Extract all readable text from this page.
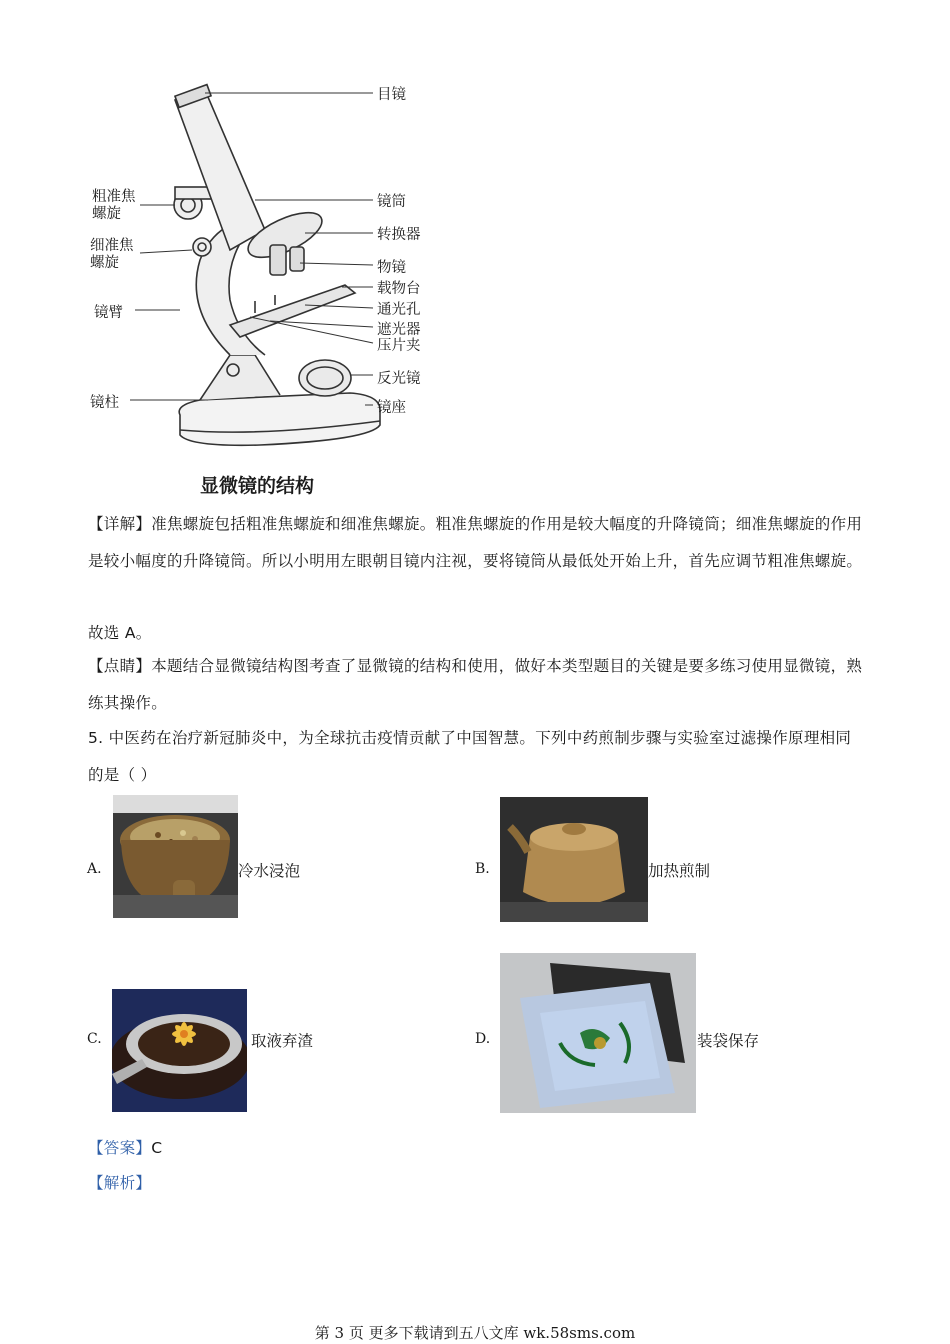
目镜
镜筒
转换器
物镜
载物台
通光孔
遮光器
压片夹
反光镜
镜座
粗准焦
螺旋
细准焦
螺旋
镜臂
镜柱
显微镜的结构

【详解】准焦螺旋包括粗准焦螺旋和细准焦螺旋。粗准焦螺旋的作用是较大幅度的升降镜筒；细准焦螺旋的作用是较小幅度的升降镜筒。所以小明用左眼朝目镜内注视，要将镜筒从最低处开始上升，首先应调节粗准焦螺旋。

故选 A。

【点睛】本题结合显微镜结构图考查了显微镜的结构和使用，做好本类型题目的关键是要多练习使用显微镜，熟练其操作。

5. 中医药在治疗新冠肺炎中，为全球抗击疫情贡献了中国智慧。下列中药煎制步骤与实验室过滤操作原理相同的是（ ）

A.	冷水浸泡	B.	加热煎制
C.	取液弃渣	D.	装袋保存

【答案】C

【解析】

第 3 页 更多下载请到五八文库 wk.58sms.com
